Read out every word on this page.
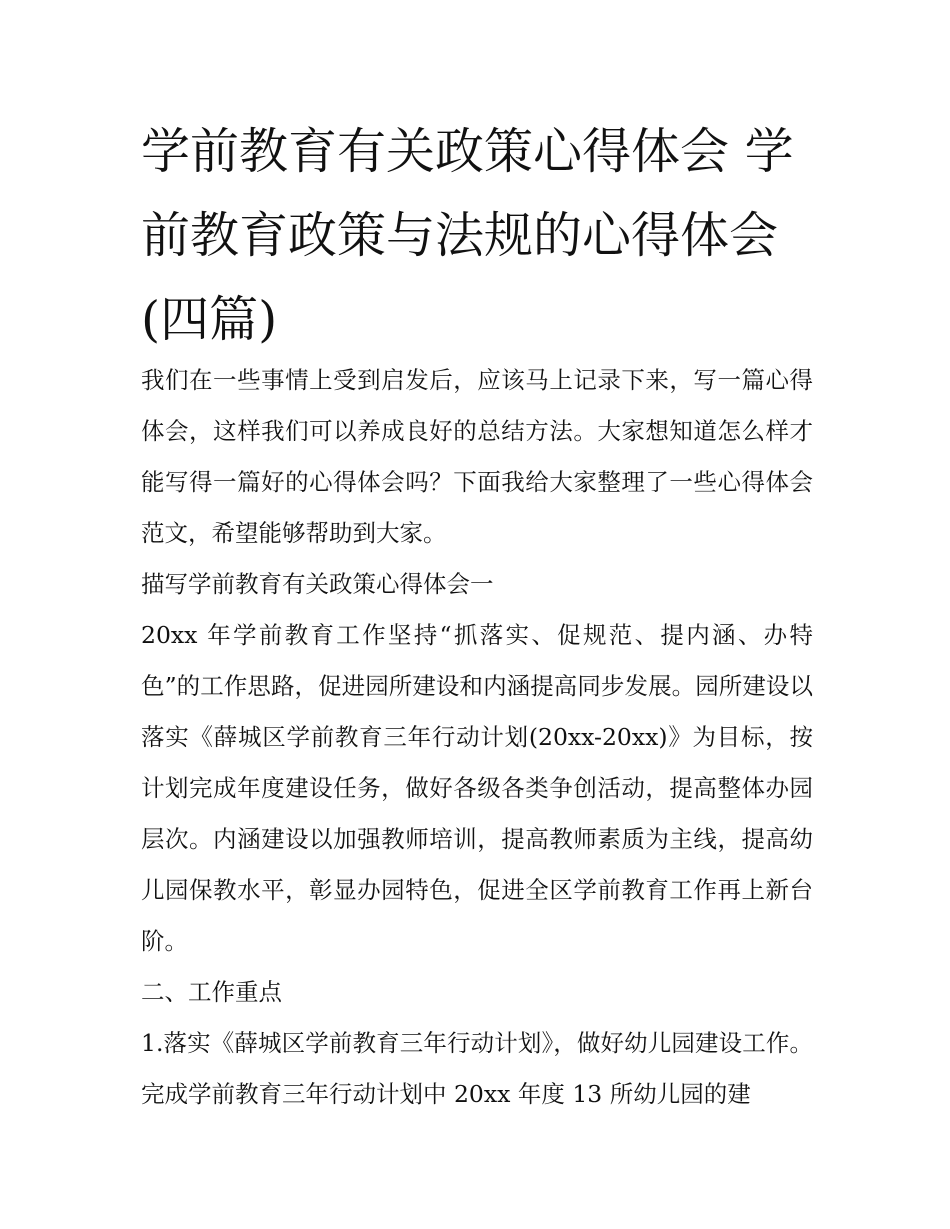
学前教育有关政策心得体会 学前教育政策与法规的心得体会(四篇)

我们在一些事情上受到启发后，应该马上记录下来，写一篇心得体会，这样我们可以养成良好的总结方法。大家想知道怎么样才能写得一篇好的心得体会吗？下面我给大家整理了一些心得体会范文，希望能够帮助到大家。

描写学前教育有关政策心得体会一

20xx 年学前教育工作坚持“抓落实、促规范、提内涵、办特色”的工作思路，促进园所建设和内涵提高同步发展。园所建设以落实《薛城区学前教育三年行动计划(20xx-20xx)》为目标，按计划完成年度建设任务，做好各级各类争创活动，提高整体办园层次。内涵建设以加强教师培训，提高教师素质为主线，提高幼儿园保教水平，彰显办园特色，促进全区学前教育工作再上新台阶。

二、工作重点

1.落实《薛城区学前教育三年行动计划》，做好幼儿园建设工作。完成学前教育三年行动计划中 20xx 年度 13 所幼儿园的建
